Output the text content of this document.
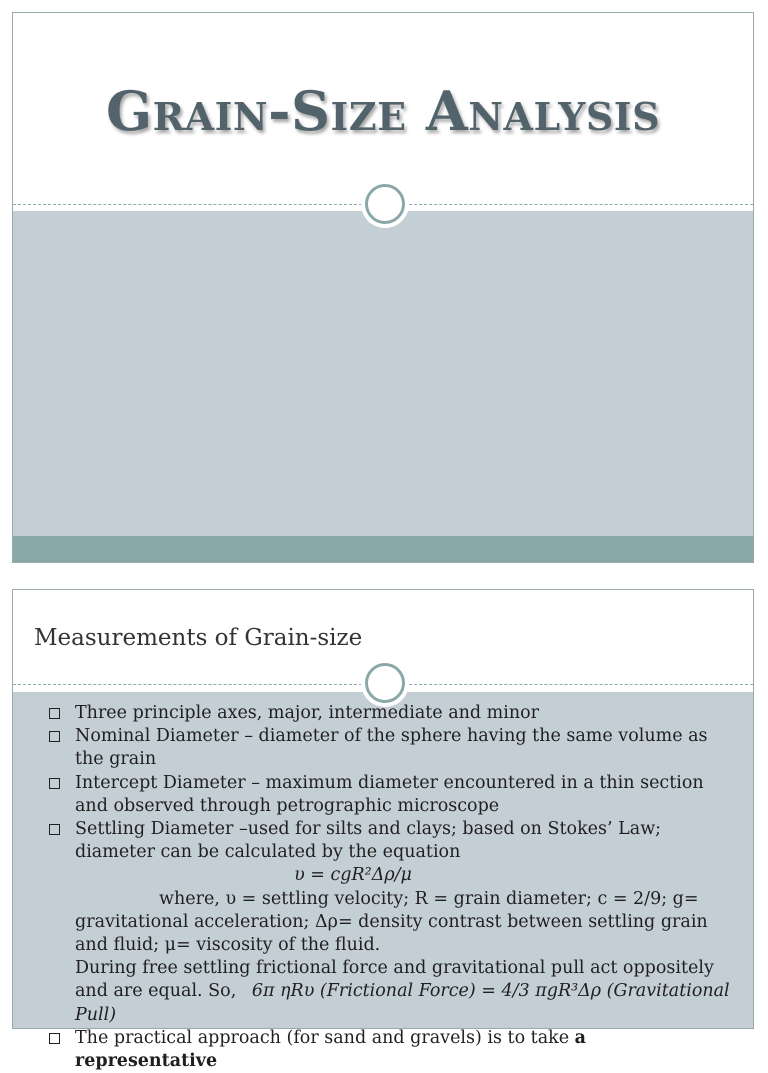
Grain-Size Analysis
Measurements of Grain-size
Three principle axes, major, intermediate and minor
Nominal Diameter – diameter of the sphere having the same volume as the grain
Intercept Diameter – maximum diameter encountered in a thin section and observed through petrographic microscope
Settling Diameter –used for silts and clays; based on Stokes’ Law; diameter can be calculated by the equation
υ = cgR²Δρ/μ
where, υ = settling velocity; R = grain diameter; c = 2/9; g=
gravitational acceleration; Δρ= density contrast between settling grain and fluid; μ= viscosity of the fluid.
During free settling frictional force and gravitational pull act oppositely and are equal. So, 6π ηRυ (Frictional Force) = 4/3 πgR³Δρ (Gravitational Pull)
The practical approach (for sand and gravels) is to take a representative
